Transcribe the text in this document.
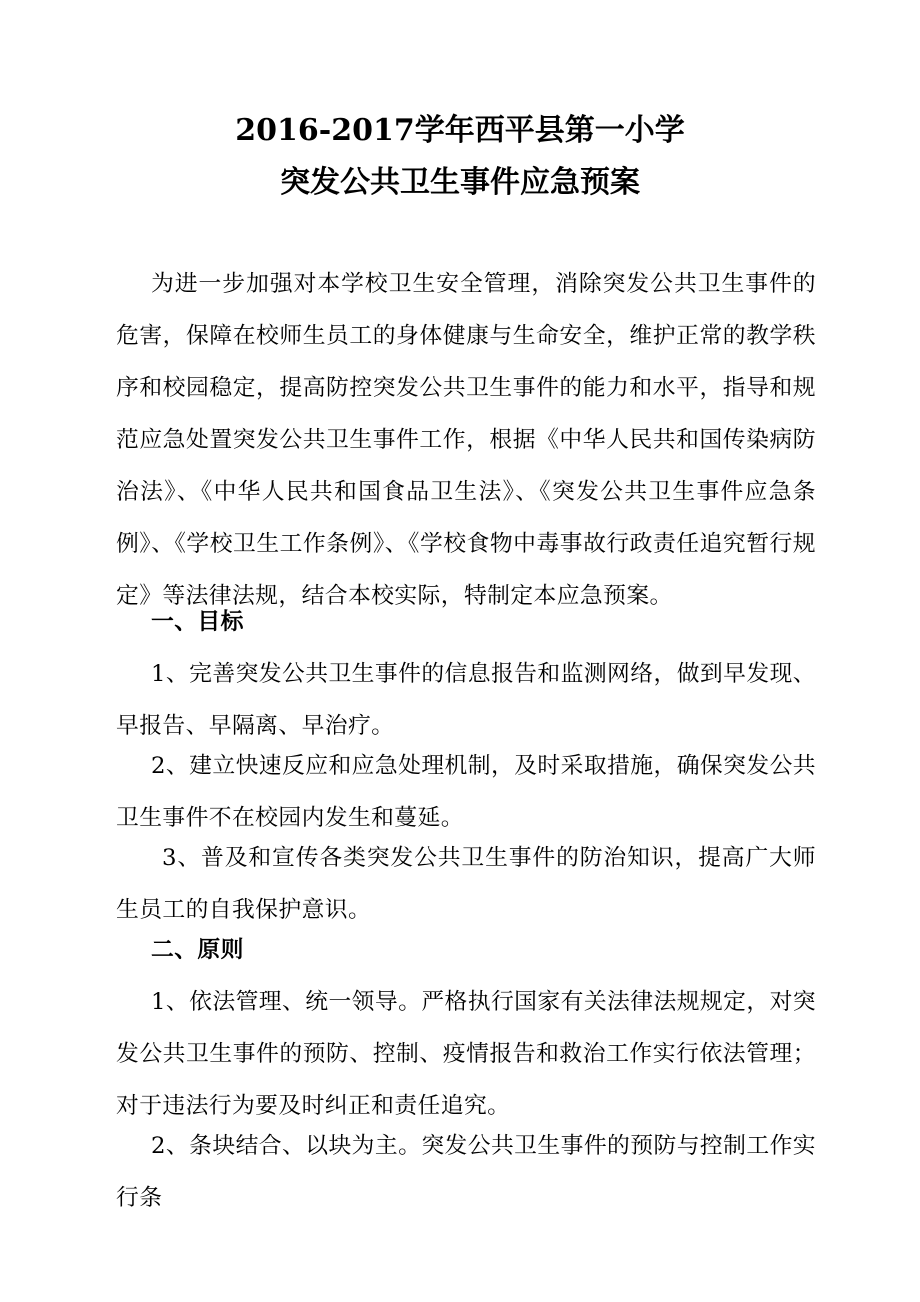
2016-2017学年西平县第一小学
突发公共卫生事件应急预案
为进一步加强对本学校卫生安全管理，消除突发公共卫生事件的危害，保障在校师生员工的身体健康与生命安全，维护正常的教学秩序和校园稳定，提高防控突发公共卫生事件的能力和水平，指导和规范应急处置突发公共卫生事件工作，根据《中华人民共和国传染病防治法》、《中华人民共和国食品卫生法》、《突发公共卫生事件应急条例》、《学校卫生工作条例》、《学校食物中毒事故行政责任追究暂行规定》等法律法规，结合本校实际，特制定本应急预案。
一、目标
1、完善突发公共卫生事件的信息报告和监测网络，做到早发现、早报告、早隔离、早治疗。
2、建立快速反应和应急处理机制，及时采取措施，确保突发公共卫生事件不在校园内发生和蔓延。
3、普及和宣传各类突发公共卫生事件的防治知识，提高广大师生员工的自我保护意识。
二、原则
1、依法管理、统一领导。严格执行国家有关法律法规规定，对突发公共卫生事件的预防、控制、疫情报告和救治工作实行依法管理；对于违法行为要及时纠正和责任追究。
2、条块结合、以块为主。突发公共卫生事件的预防与控制工作实行条
